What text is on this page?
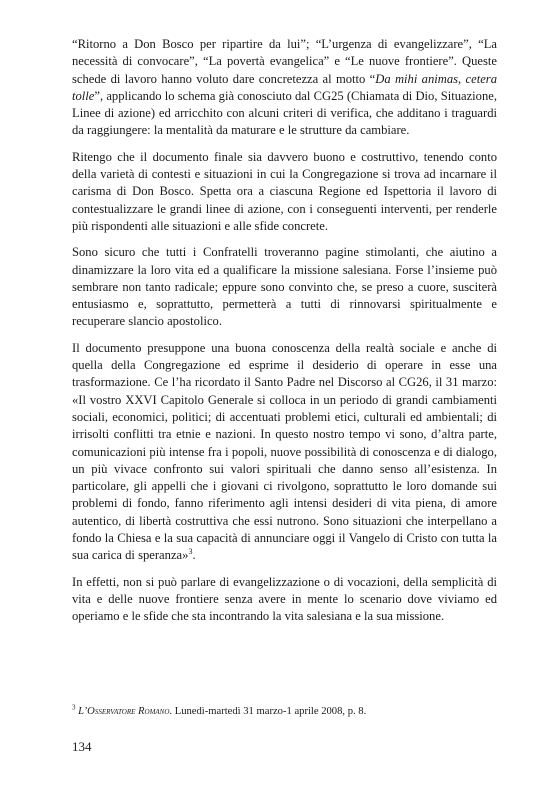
“Ritorno a Don Bosco per ripartire da lui”; “L’urgenza di evangelizzare”, “La necessità di convocare”, “La povertà evangelica” e “Le nuove frontiere”. Queste schede di lavoro hanno voluto dare concretezza al motto “Da mihi animas, cetera tolle”, applicando lo schema già conosciuto dal CG25 (Chiamata di Dio, Situazione, Linee di azione) ed arricchito con alcuni criteri di verifica, che additano i traguardi da raggiungere: la mentalità da maturare e le strutture da cambiare.

Ritengo che il documento finale sia davvero buono e costruttivo, tenendo conto della varietà di contesti e situazioni in cui la Congregazione si trova ad incarnare il carisma di Don Bosco. Spetta ora a ciascuna Regione ed Ispettoria il lavoro di contestualizzare le grandi linee di azione, con i conseguenti interventi, per renderle più rispondenti alle situazioni e alle sfide concrete.

Sono sicuro che tutti i Confratelli troveranno pagine stimolanti, che aiutino a dinamizzare la loro vita ed a qualificare la missione salesiana. Forse l’insieme può sembrare non tanto radicale; eppure sono convinto che, se preso a cuore, susciterà entusiasmo e, soprattutto, permetterà a tutti di rinnovarsi spiritualmente e recuperare slancio apostolico.

Il documento presuppone una buona conoscenza della realtà sociale e anche di quella della Congregazione ed esprime il desiderio di operare in esse una trasformazione. Ce l’ha ricordato il Santo Padre nel Discorso al CG26, il 31 marzo: «Il vostro XXVI Capitolo Generale si colloca in un periodo di grandi cambiamenti sociali, economici, politici; di accentuati problemi etici, culturali ed ambientali; di irrisolti conflitti tra etnie e nazioni. In questo nostro tempo vi sono, d’altra parte, comunicazioni più intense fra i popoli, nuove possibilità di conoscenza e di dialogo, un più vivace confronto sui valori spirituali che danno senso all’esistenza. In particolare, gli appelli che i giovani ci rivolgono, soprattutto le loro domande sui problemi di fondo, fanno riferimento agli intensi desideri di vita piena, di amore autentico, di libertà costruttiva che essi nutrono. Sono situazioni che interpellano a fondo la Chiesa e la sua capacità di annunciare oggi il Vangelo di Cristo con tutta la sua carica di speranza»$^3$.

In effetti, non si può parlare di evangelizzazione o di vocazioni, della semplicità di vita e delle nuove frontiere senza avere in mente lo scenario dove viviamo ed operiamo e le sfide che sta incontrando la vita salesiana e la sua missione.

$^3$ L’Osservatore Romano. Lunedì-martedì 31 marzo-1 aprile 2008, p. 8.

134
